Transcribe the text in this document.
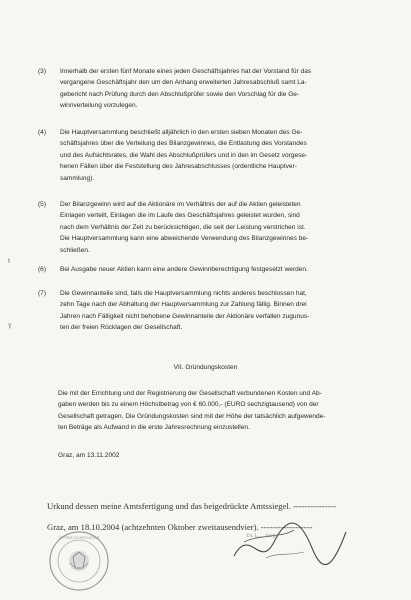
(3)	Innerhalb der ersten fünf Monate eines jeden Geschäftsjahres hat der Vorstand für das
vergangene Geschäftsjahr den um den Anhang erweiterten Jahresabschluß samt La-
gebericht nach Prüfung durch den Abschlußprüfer sowie den Vorschlag für die Ge-
winnverteilung vorzulegen.
(4)	Die Hauptversammlung beschließt alljährlich in den ersten sieben Monaten des Ge-
schäftsjahres über die Verteilung des Bilanzgewinnes, die Entlastung des Vorstandes
und des Aufsichtsrates, die Wahl des Abschlußprüfers und in den im Gesetz vorgese-
henen Fällen über die Feststellung des Jahresabschlusses (ordentliche Hauptver-
sammlung).
(5)	Der Bilanzgewinn wird auf die Aktionäre im Verhältnis der auf die Aktien geleisteten
Einlagen verteilt, Einlagen die im Laufe des Geschäftsjahres geleistet wurden, sind
nach dem Verhältnis der Zeit zu berücksichtigen, die seit der Leistung verstrichen ist.
Die Hauptversammlung kann eine abweichende Verwendung des Bilanzgewinnes be-
schließen.
(6)	Bei Ausgabe neuer Aktien kann eine andere Gewinnberechtigung festgesetzt werden.
(7)	Die Gewinnanteile sind, falls die Hauptversammlung nichts anderes beschlossen hat,
zehn Tage nach der Abhaltung der Hauptversammlung zur Zahlung fällig. Binnen drei
Jahren nach Fälligkeit nicht behobene Gewinnanteile der Aktionäre verfallen zugunus-
ten der freien Rücklagen der Gesellschaft.
ŧ
ɣ
VII. Gründungskosten
Die mit der Errichtung und der Registrierung der Gesellschaft verbundenen Kosten und Ab-
gaben werden bis zu einem Höchstbetrag von € 60.000,- (EURO sechzigtausend) von der
Gesellschaft getragen. Die Gründungskosten sind mit der Höhe der tatsächlich aufgewende-
ten Beträge als Aufwand in die erste Jahresrechnung einzustellen.
Graz, am 13.11.2002
Urkund dessen meine Amtsfertigung und das beigedrückte Amtssiegel. ---------------
Graz, am 18.10.2004 (achtzehnten Oktober zweitausendvier). ------------------
ÖFFENTLICHER NOTAR	Dr. L... ...berg
